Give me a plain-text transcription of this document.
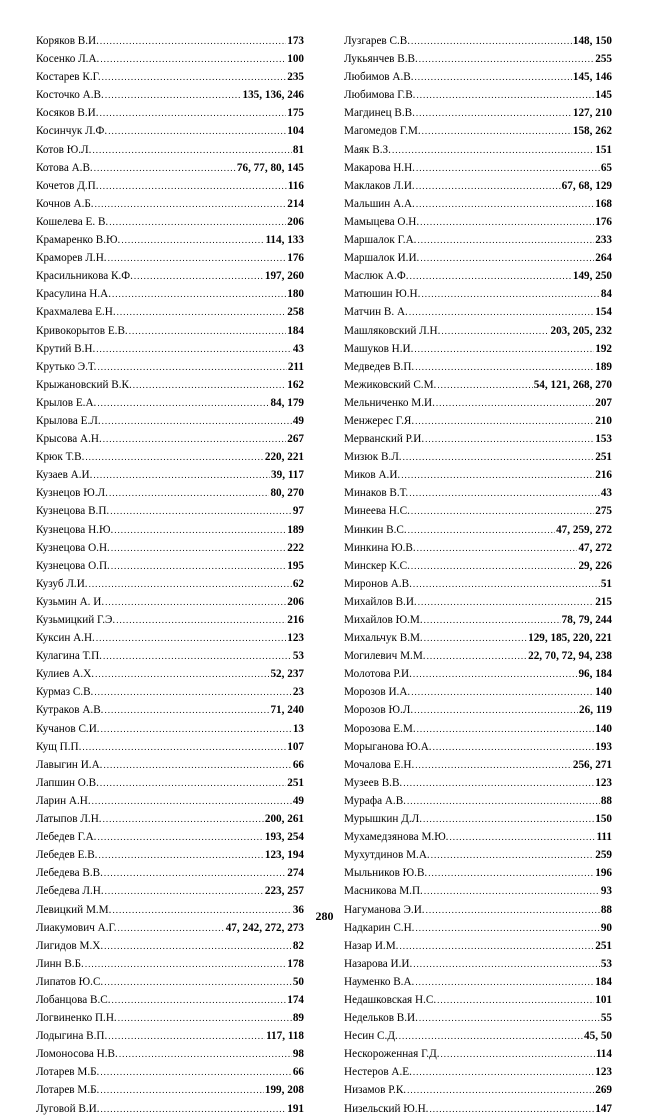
Коряков В.И. .....	173
Косенко Л.А. .....	100
Костарев К.Г. .....	235
Косточко А.В. .....	135, 136, 246
Косяков В.И. .....	175
Косинчук Л.Ф. .....	104
Котов Ю.Л. .....	81
Котова А.В. .....	76, 77, 80, 145
Кочетов Д.П. .....	116
Кочнов А.Б. .....	214
Кошелева Е. В. .....	206
Крамаренко В.Ю. .....	114, 133
Краморев Л.Н. .....	176
Красильникова К.Ф. .....	197, 260
Красулина Н.А. .....	180
Крахмалева Е.Н. .....	258
Кривокорытов Е.В. .....	184
Крутий В.Н. .....	43
Крутько Э.Т. .....	211
Крыжановский В.К. .....	162
Крылов Е.А. .....	84, 179
Крылова Е.Л. .....	49
Крысова А.Н. .....	267
Крюк Т.В. .....	220, 221
Кузаев А.И. .....	39, 117
Кузнецов Ю.Л. .....	80, 270
Кузнецова В.П. .....	97
Кузнецова Н.Ю. .....	189
Кузнецова О.Н. .....	222
Кузнецова О.П. .....	195
Кузуб Л.И. .....	62
Кузьмин А. И. .....	206
Кузьмицкий Г.Э. .....	216
Куксин А.Н. .....	123
Кулагина Т.П. .....	53
Кулиев А.Х. .....	52, 237
Курмаз С.В. .....	23
Кутраков А.В. .....	71, 240
Кучанов С.И. .....	13
Кущ П.П. .....	107
Лавыгин И.А. .....	66
Лапшин О.В. .....	251
Ларин А.Н. .....	49
Латыпов Л.Н. .....	200, 261
Лебедев Г.А. .....	193, 254
Лебедев Е.В. .....	123, 194
Лебедева В.В. .....	274
Лебедева Л.Н. .....	223, 257
Левицкий М.М. .....	36
Лиакумович А.Г. .....	47, 242, 272, 273
Лигидов М.Х. .....	82
Линн В.Б. .....	178
Липатов Ю.С. .....	50
Лобанцова В.С. .....	174
Логвиненко П.Н. .....	89
Лодыгина В.П. .....	117, 118
Ломоносова Н.В. .....	98
Лотарев М.Б. .....	66
Лотарев М.Б. .....	199, 208
Луговой В.И. .....	191
Лузгарев С.В. .....	148, 150
Лукьянчев В.В. .....	255
Любимов А.В. .....	145, 146
Любимова Г.В. .....	145
Магдинец В.В. .....	127, 210
Магомедов Г.М. .....	158, 262
Маяк В.З. .....	151
Макарова Н.Н. .....	65
Маклаков Л.И. .....	67, 68, 129
Мальшин А.А. .....	168
Мамыцева О.Н. .....	176
Маршалок Г.А. .....	233
Маршалок И.И. .....	264
Маслюк А.Ф. .....	149, 250
Матюшин Ю.Н. .....	84
Матчин В. А. .....	154
Машляковский Л.Н. .....	203, 205, 232
Машуков Н.И. .....	192
Медведев В.П. .....	189
Межиковский С.М. .....	54, 121, 268, 270
Мельниченко М.И. .....	207
Менжерес Г.Я. .....	210
Мерванский Р.И. .....	153
Мизюк В.Л. .....	251
Миков А.И. .....	216
Минаков В.Т. .....	43
Минеева Н.С. .....	275
Минкин В.С. .....	47, 259, 272
Минкина Ю.В. .....	47, 272
Минскер К.С. .....	29, 226
Миронов А.В. .....	51
Михайлов В.И. .....	215
Михайлов Ю.М. .....	78, 79, 244
Михальчук В.М. .....	129, 185, 220, 221
Могилевич М.М. .....	22, 70, 72, 94, 238
Молотова Р.И. .....	96, 184
Морозов И.А. .....	140
Морозов Ю.Л. .....	26, 119
Морозова Е.М. .....	140
Морыганова Ю.А. .....	193
Мочалова Е.Н. .....	256, 271
Музеев В.В. .....	123
Мурафа А.В. .....	88
Мурышкин Д.Л. .....	150
Мухамедзянова М.Ю. .....	111
Мухутдинов М.А. .....	259
Мыльников Ю.В. .....	196
Масникова М.П. .....	93
Нагуманова Э.И. .....	88
Надкарин С.Н. .....	90
Назар И.М. .....	251
Назарова И.И. .....	53
Науменко В.А. .....	184
Недашковская Н.С. .....	101
Недельков В.И. .....	55
Несин С.Д. .....	45, 50
Нескороженная Г.Д. .....	114
Нестеров А.Е. .....	123
Низамов Р.К. .....	269
Низельский Ю.Н. .....	147
280
